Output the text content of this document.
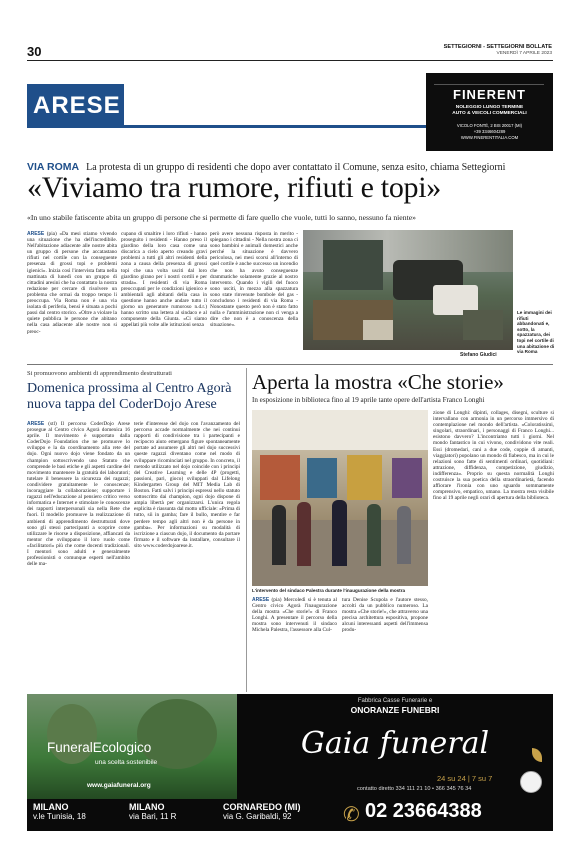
30	SETTEGIORNI - SETTEGIORNI BOLLATE
VENERDÌ 7 APRILE 2023
ARESE	FINERENT
NOLEGGIO LUNGO TERMINE
AUTO & VEICOLI COMMERCIALI
VICOLO FONTÉ, 2 BIS 20017 (MI)
+39 3346604289
WWW.FINERENTITALIA.COM
VIA ROMA La protesta di un gruppo di residenti che dopo aver contattato il Comune, senza esito, chiama Settegiorni
«Viviamo tra rumore, rifiuti e topi»
«In uno stabile fatiscente abita un gruppo di persone che si permette di fare quello che vuole, tutti lo sanno, nessuno fa niente»
ARESE (pia) «Da mesi stiamo vivendo una situazione che ha dell'incredibile. Nell'abitazione adiacente alle nostre abita un gruppo di persone che accatastano rifiuti nel cortile con la conseguente presenza di grossi topi e problemi igienici». Inizia così l'intervista fatta nella mattinata di lunedì con un gruppo di cittadini aresini che ha contattato la nostra redazione per cercare di risolvere un problema che ormai da troppo tempo li preoccupa. Via Roma non è una via isolata di periferia, bensì è situata a pochi passi dal centro storico. «Oltre a violare la quiete pubblica le persone che abitano nella casa adiacente alle nostre non si preoc-
cupano di smaltire i loro rifiuti - hanno proseguito i residenti - Hanno preso il giardino della loro casa come una discarica a cielo aperto creando gravi problemi a tutti gli altri residenti della zona a causa della presenza di grossi topi che una volta usciti dal loro giardino girano per i nostri cortili e per strada». I residenti di via Roma preoccupati per le condizioni igienico e ambientali agli abitanti della casa in questione hanno anche andare tutto il giorno un generatore rumoroso n.d.r.) hanno scritto una lettera al sindaco e al componente della Giunta. «Ci siamo appellati più volte alle istituzioni senza
però avere nessuna risposta in merito - spiegano i cittadini - Nella nostra zona ci sono bambini e animali domestici anche perché la situazione è davvero pericolosa, nei mesi scorsi all'interno di quel cortile è anche successo un incendio che non ha avuto conseguenze drammatiche solamente grazie al nostro intervento. Quando i vigili del fuoco sono usciti, in mezzo alla spazzatura sono state rinvenute bombole del gas - concludono i residenti di via Roma - Nonostante questo però non è stato fatto nulla e l'amministrazione non ci venga a dire che non è a conoscenza della situazione».
Le immagini dei rifiuti abbandonati e, sotto, la spazzatura, dei topi nel cortile di una abitazione di via Roma
Stefano Giudici
Si promuovono ambienti di apprendimento destrutturati
Domenica prossima al Centro Agorà nuova tappa del CoderDojo Arese
ARESE (stl) Il percorso CoderDojo Arese prosegue al Centro civico Agorà domenica 16 aprile. Il movimento è supportato dalla CoderDojo Foundation che ne promuove lo sviluppo e la da coordinamento alla rete del dojo. Ogni nuovo dojo viene fondato da un champion sottoscrivendo uno Statuto che comprende le basi etiche e gli aspetti cardine del movimento mantenere la gratuità dei laboratori; tutelare il benessere la sicurezza dei ragazzi; condividere gratuitamente le conoscenze; incoraggiare la collaborazione; supportare i ragazzi nell'educazione al pensiero critico verso informatica e Internet e stimolare le conoscenze dei rapporti interpersonali sia nella Rete che fuori. Il modello promuove la realizzazione di ambienti di apprendimento destrutturati dove sono gli stessi partecipanti a scoprire come utilizzare le risorse a disposizione, affiancati da mentor che sviluppano il loro ruolo come «facilitatori» più che come docenti tradizionali. I mentori sono adulti e generalmente professionisti o comunque esperti nell'ambito delle ma-
terie d'interesse del dojo con l'avanzamento del percorso accade normalmente che nei continui rapporti di condivisione tra i partecipanti e recipocro aiuto emergano figure spontaneamente portate ad assumere gli altri nel dojo successivi queste ragazzi diventano come nel modo di sviluppare ricominciati nel gruppo. In concreto, il metodo utilizzato nel dojo coincide con i principi del Creative Learning e delle 4P (progetti, passioni, pari, gioco) sviluppati dal Lifelong Kindergarten Group del MIT Media Lab di Boston. Fatti salvi i principi espressi nello statuto sottoscritto dai champion, ogni dojo dispone di ampia libertà per organizzarsi. L'unica regola esplicita è riassunta dal motto ufficiale: «Prima di tutto, sii in gamba; fare il bullo, mentire e far perdere tempo agli altri non è da persone in gamba». Per informazioni su modalità di iscrizione a ciascun dojo, il documento da portare firmato e il software da installare, consultare il sito www.coderdojoarese.it.
Aperta la mostra «Che storie»
In esposizione in biblioteca fino al 19 aprile tante opere dell'artista Franco Longhi
L'intervento del sindaco Palestra durante l'inaugurazione della mostra
ARESE (pia) Mercoledì si è tenuta al Centro civico Agorà l'inaugurazione della mostra «Che storie!» di Franco Longhi. A presentare il percorso della mostra sono intervenuti il sindaco Michela Palestra, l'assessore alla Cul-
tura Denise Scupola e l'autore stesso, accolti da un pubblico numeroso. La mostra «Che storie!», che attraverso una precisa architettura espositiva, propone alcuni interessanti aspetti dell'immensa produ-
zione di Longhi: dipinti, collages, disegni, sculture si intervallano con armonia in un percorso immersivo di contemplazione nel mondo dell'artista. «Coloratissimi, singolari, straordinari, i personaggi di Franco Longhi... esistono davvero? L'incontriamo tutti i giorni. Nel mondo fantastico in cui vivono, condividono vite reali. Essi (dromedari, cani a due code, coppie di amanti, viaggiatori) popolano un mondo di fiabesco, ma in cui le relazioni sono fatte di sentimenti ordinari, quotidiani: attrazione, diffidenza, competizione, giudizio, indifferenza». Proprio su questa normalità Longhi costruisce la sua poetica della straordinarietà, facendo affiorare l'ironia con uno sguardo sommamente comprensivo, empatico, umano. La mostra resta visibile fino al 19 aprile negli orari di apertura della biblioteca.
FuneralEcologico
una scelta sostenibile
www.gaiafuneral.org
Fabbrica Casse Funerarie e
ONORANZE FUNEBRI
Gaia funeral
24 su 24 | 7 su 7
contatto diretto 334 111 21 10 • 366 345 76 34
MILANO
v.le Tunisia, 18
MILANO
via Bari, 11 R
CORNAREDO (MI)
via G. Garibaldi, 92	✆ 02 23664388
